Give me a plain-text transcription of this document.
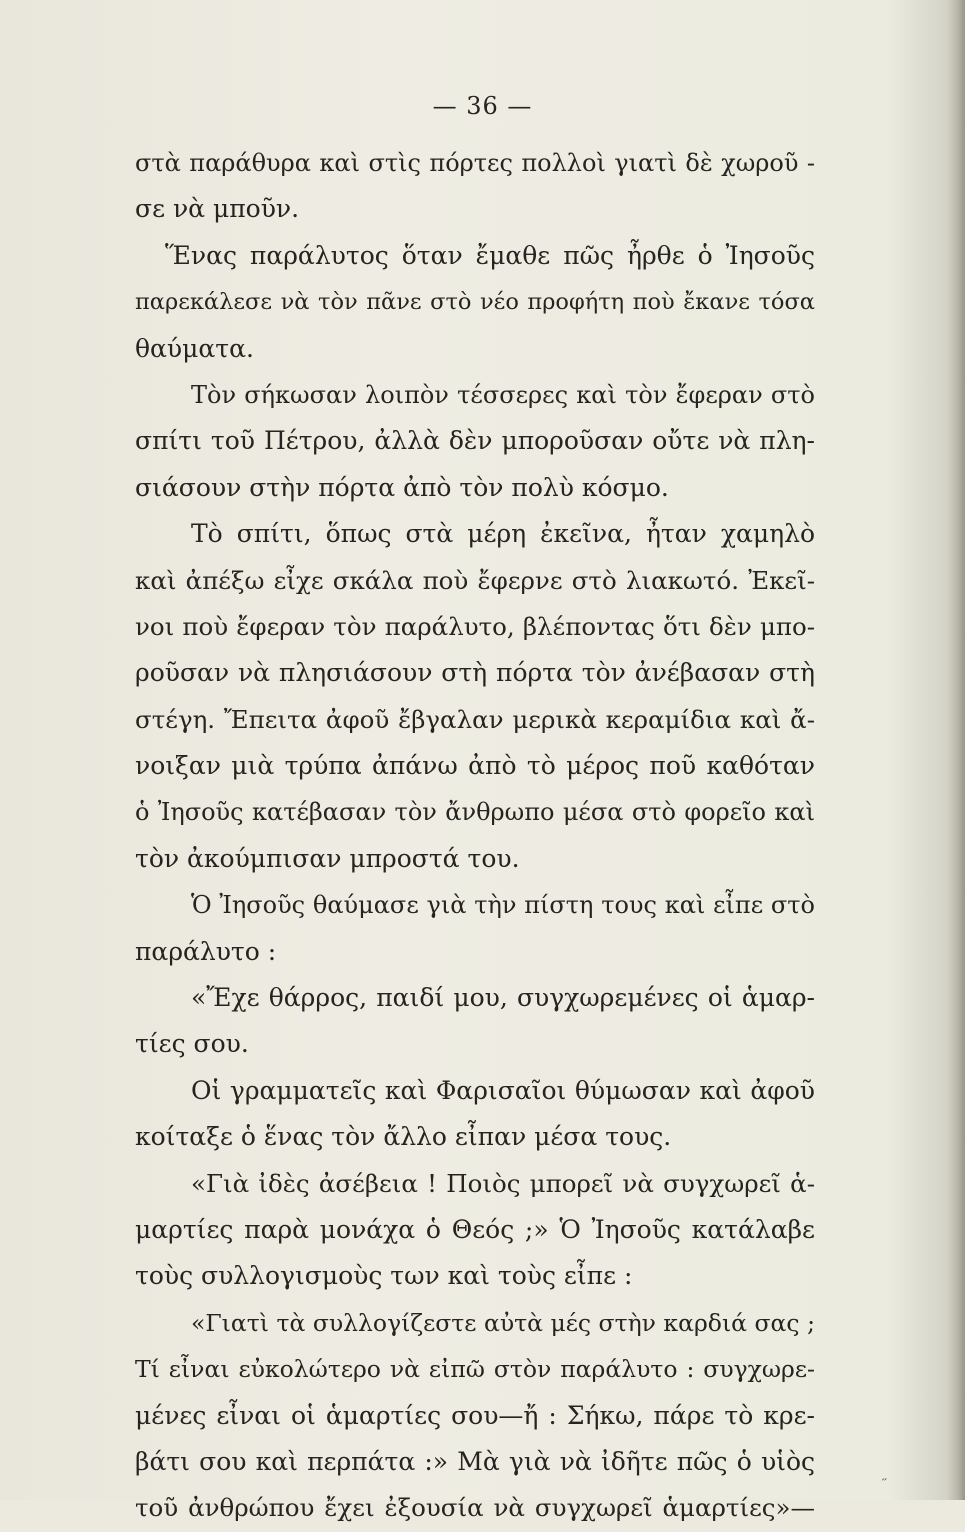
— 36 —
στὰ παράθυρα καὶ στὶς πόρτες πολλοὶ γιατὶ δὲ χωροῦ -
σε νὰ μποῦν.
Ἕνας παράλυτος ὅταν ἔμαθε πῶς ἦρθε ὁ Ἰησοῦς
παρεκάλεσε νὰ τὸν πᾶνε στὸ νέο προφήτη ποὺ ἔκανε τόσα
θαύματα.
Τὸν σήκωσαν λοιπὸν τέσσερες καὶ τὸν ἔφεραν στὸ
σπίτι τοῦ Πέτρου, ἀλλὰ δὲν μποροῦσαν οὔτε νὰ πλη-
σιάσουν στὴν πόρτα ἀπὸ τὸν πολὺ κόσμο.
Τὸ σπίτι, ὅπως στὰ μέρη ἐκεῖνα, ἦταν χαμηλὸ
καὶ ἀπέξω εἶχε σκάλα ποὺ ἔφερνε στὸ λιακωτό. Ἐκεῖ-
νοι ποὺ ἔφεραν τὸν παράλυτο, βλέποντας ὅτι δὲν μπο-
ροῦσαν νὰ πλησιάσουν στὴ πόρτα τὸν ἀνέβασαν στὴ
στέγη. Ἔπειτα ἀφοῦ ἔβγαλαν μερικὰ κεραμίδια καὶ ἄ-
νοιξαν μιὰ τρύπα ἀπάνω ἀπὸ τὸ μέρος ποῦ καθόταν
ὁ Ἰησοῦς κατέβασαν τὸν ἄνθρωπο μέσα στὸ φορεῖο καὶ
τὸν ἀκούμπισαν μπροστά του.
Ὁ Ἰησοῦς θαύμασε γιὰ τὴν πίστη τους καὶ εἶπε στὸ
παράλυτο :
«Ἔχε θάρρος, παιδί μου, συγχωρεμένες οἱ ἁμαρ-
τίες σου.
Οἱ γραμματεῖς καὶ Φαρισαῖοι θύμωσαν καὶ ἀφοῦ
κοίταξε ὁ ἕνας τὸν ἄλλο εἶπαν μέσα τους.
«Γιὰ ἰδὲς ἀσέβεια ! Ποιὸς μπορεῖ νὰ συγχωρεῖ ἁ-
μαρτίες παρὰ μονάχα ὁ Θεός ;» Ὁ Ἰησοῦς κατάλαβε
τοὺς συλλογισμοὺς των καὶ τοὺς εἶπε :
«Γιατὶ τὰ συλλογίζεστε αὐτὰ μές στὴν καρδιά σας ;
Τί εἶναι εὐκολώτερο νὰ εἰπῶ στὸν παράλυτο : συγχωρε-
μένες εἶναι οἱ ἁμαρτίες σου—ἤ : Σήκω, πάρε τὸ κρε-
βάτι σου καὶ περπάτα :» Μὰ γιὰ νὰ ἰδῆτε πῶς ὁ υἱὸς
τοῦ ἀνθρώπου ἔχει ἐξουσία νὰ συγχωρεῖ ἁμαρτίες»—
˶
